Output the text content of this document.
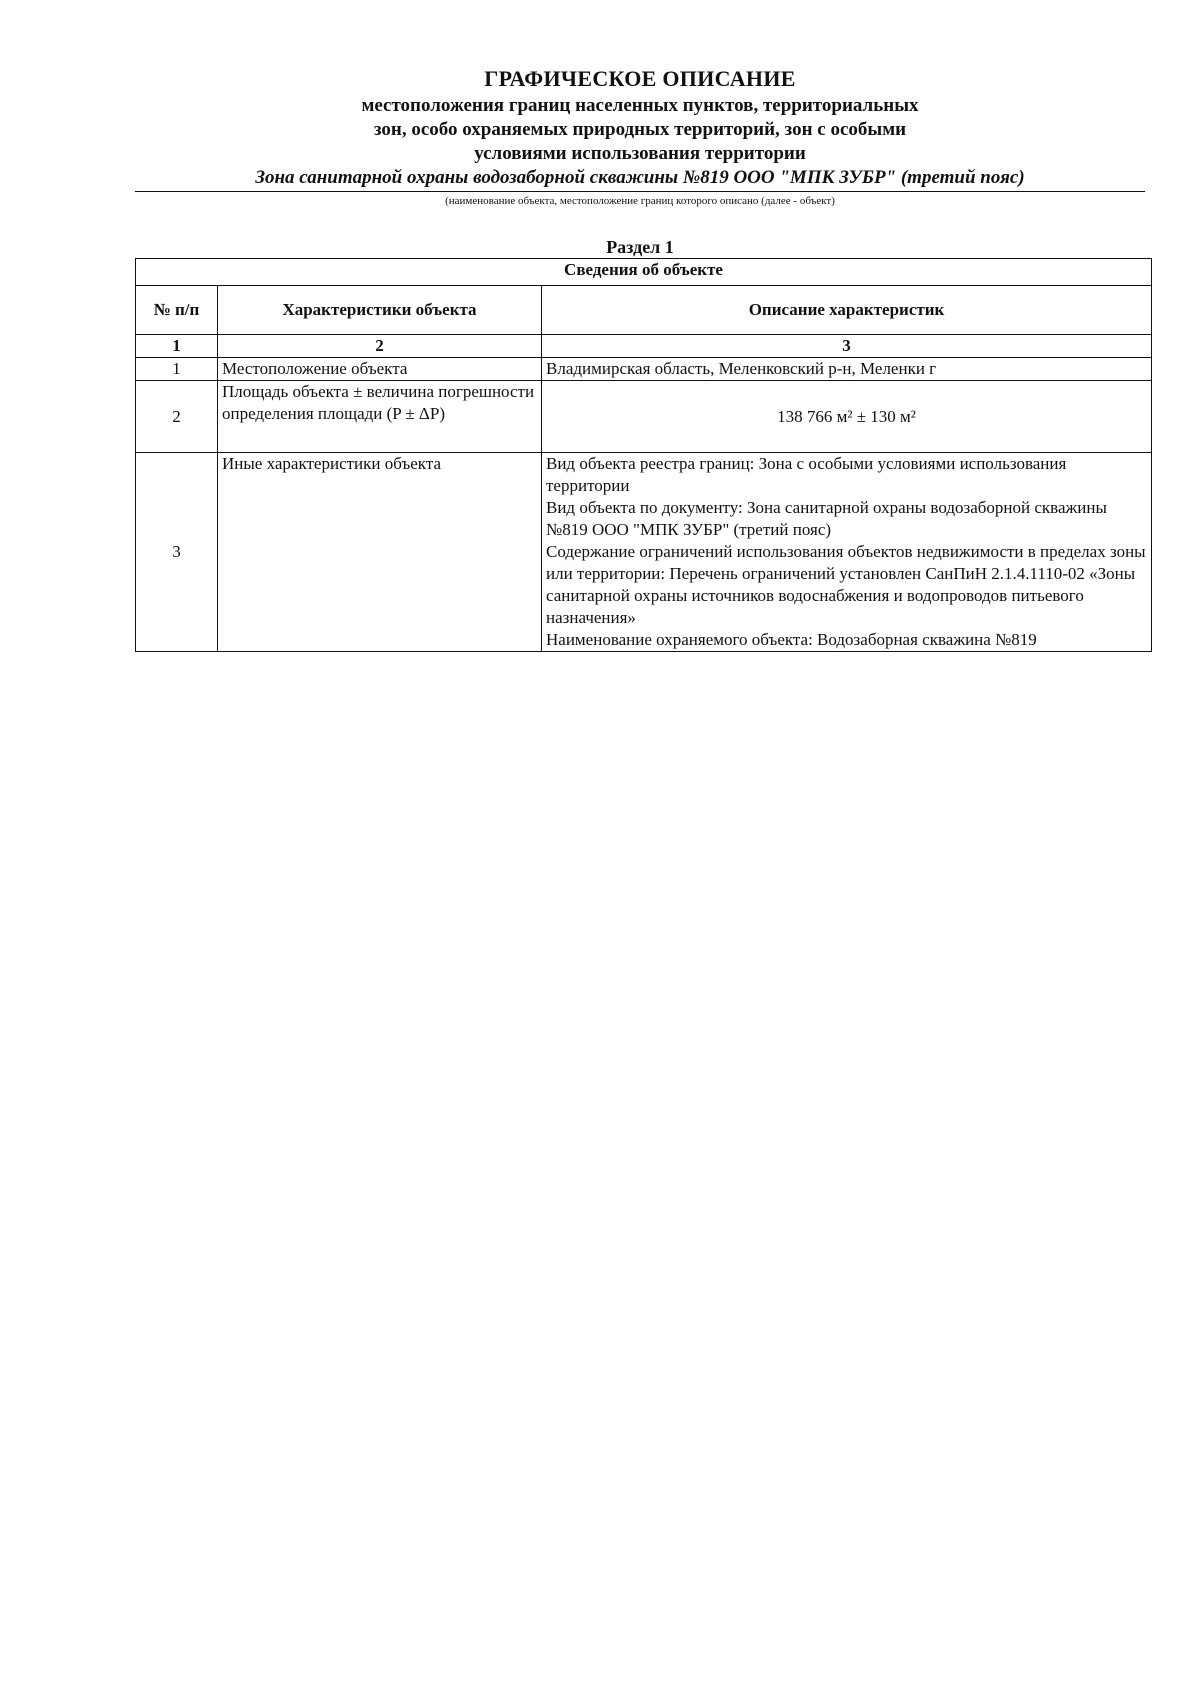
ГРАФИЧЕСКОЕ ОПИСАНИЕ

местоположения границ населенных пунктов, территориальных

зон, особо охраняемых природных территорий, зон с особыми

условиями использования территории

Зона санитарной охраны водозаборной скважины №819 ООО "МПК ЗУБР" (третий пояс)

(наименование объекта, местоположение границ которого описано (далее - объект)
Раздел 1
Сведения об объекте		
№ п/п	Характеристики объекта	Описание характеристик
1	2	3
1	Местоположение объекта	Владимирская область, Меленковский р-н, Меленки г

2	Площадь объекта ± величина погрешности определения площади (P ± ΔP)	138 766 м² ± 130 м²

3	Иные характеристики объекта	Вид объекта реестра границ: Зона с особыми условиями использования территории
Вид объекта по документу: Зона санитарной охраны водозаборной скважины №819 ООО "МПК ЗУБР" (третий пояс)
Содержание ограничений использования объектов недвижимости в пределах зоны или территории: Перечень ограничений установлен СанПиН 2.1.4.1110-02 «Зоны санитарной охраны источников водоснабжения и водопроводов питьевого назначения»
Наименование охраняемого объекта: Водозаборная скважина №819
